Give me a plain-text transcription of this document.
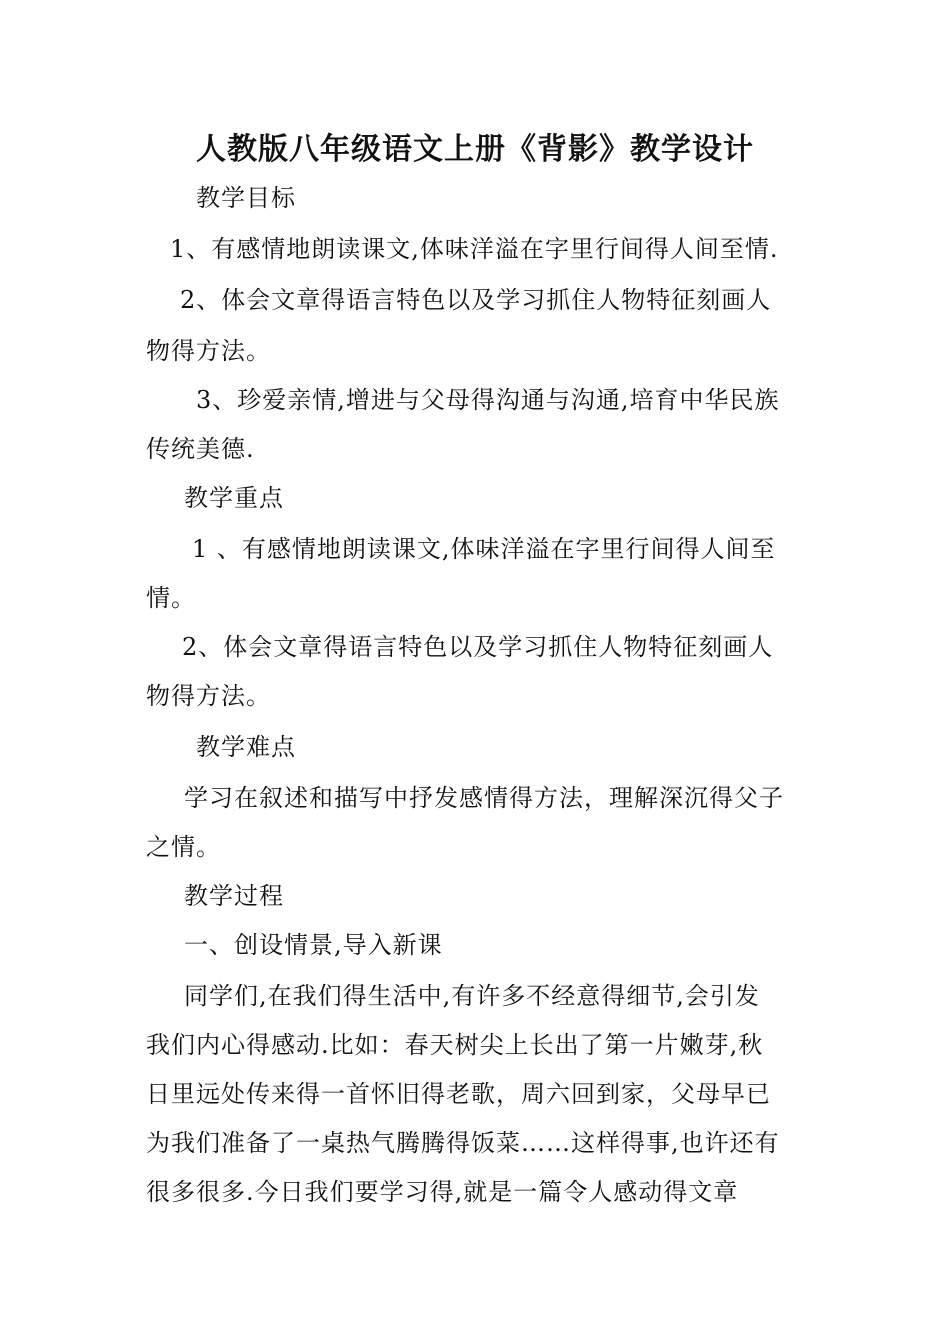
人教版八年级语文上册《背影》教学设计

教学目标

1、有感情地朗读课文,体味洋溢在字里行间得人间至情.

2、体会文章得语言特色以及学习抓住人物特征刻画人

物得方法。

3、珍爱亲情,增进与父母得沟通与沟通,培育中华民族

传统美德.

教学重点

1 、有感情地朗读课文,体味洋溢在字里行间得人间至

情。

2、体会文章得语言特色以及学习抓住人物特征刻画人

物得方法。

教学难点

学习在叙述和描写中抒发感情得方法，理解深沉得父子

之情。

教学过程

一、创设情景,导入新课

同学们,在我们得生活中,有许多不经意得细节,会引发

我们内心得感动.比如：春天树尖上长出了第一片嫩芽,秋

日里远处传来得一首怀旧得老歌，周六回到家，父母早已

为我们准备了一桌热气腾腾得饭菜……这样得事,也许还有

很多很多.今日我们要学习得,就是一篇令人感动得文章
